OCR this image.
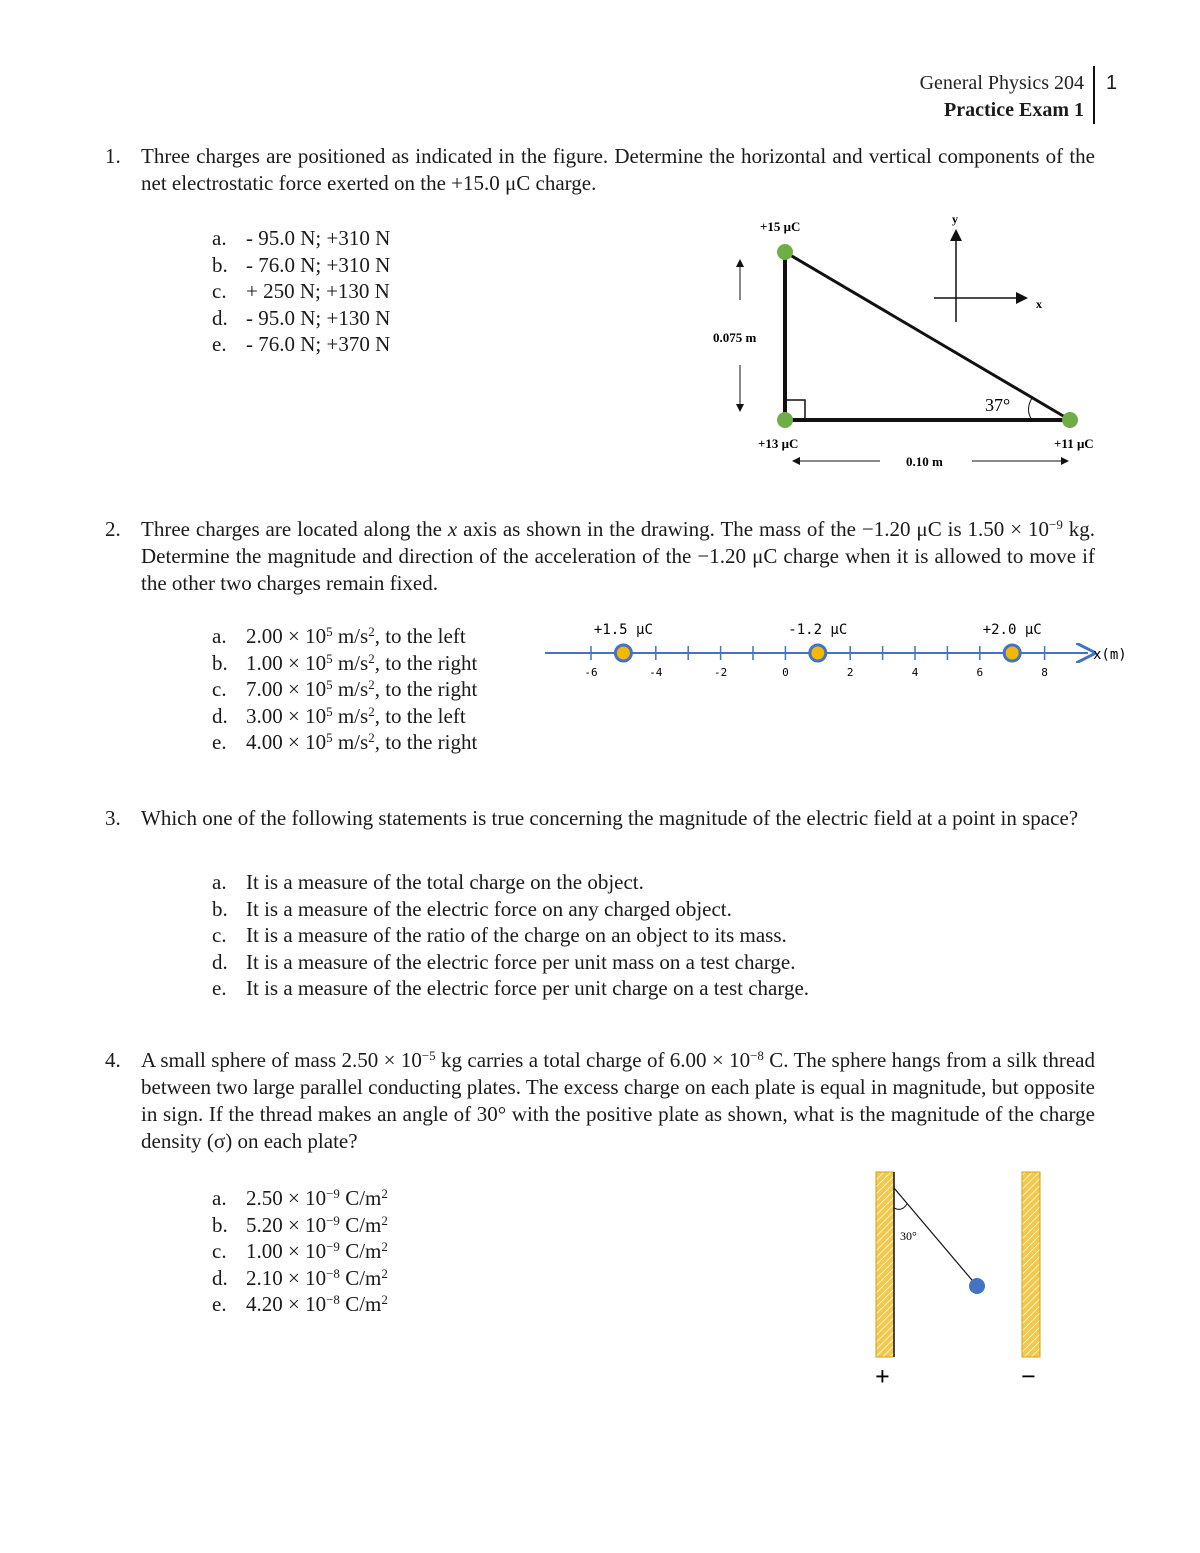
General Physics 204
Practice Exam 1
1
1. Three charges are positioned as indicated in the figure. Determine the horizontal and vertical components of the net electrostatic force exerted on the +15.0 μC charge.
a. - 95.0 N; +310 N
b. - 76.0 N; +310 N
c. + 250 N; +130 N
d. - 95.0 N; +130 N
e. - 76.0 N; +370 N
37°
+15 μC
+13 μC	+11 μC
0.075 m
0.10 m
y
x
2. Three charges are located along the x axis as shown in the drawing. The mass of the −1.20 μC is $1.50 \times 10^{-9}$ kg. Determine the magnitude and direction of the acceleration of the −1.20 μC charge when it is allowed to move if the other two charges remain fixed.
a. $2.00 \times 10^5$ $m/s^2$, to the left
b. $1.00 \times 10^5$ $m/s^2$, to the right
c. $7.00 \times 10^5$ $m/s^2$, to the right
d. $3.00 \times 10^5$ $m/s^2$, to the left
e. $4.00 \times 10^5$ $m/s^2$, to the right
-6	-4	-2	0	2	4	6	8
+1.5 μC	-1.2 μC	+2.0 μC
x(m)
3. Which one of the following statements is true concerning the magnitude of the electric field at a point in space?
a. It is a measure of the total charge on the object.
b. It is a measure of the electric force on any charged object.
c. It is a measure of the ratio of the charge on an object to its mass.
d. It is a measure of the electric force per unit mass on a test charge.
e. It is a measure of the electric force per unit charge on a test charge.
4. A small sphere of mass $2.50 \times 10^{-5}$ kg carries a total charge of $6.00 \times 10^{-8}$ C. The sphere hangs from a silk thread between two large parallel conducting plates. The excess charge on each plate is equal in magnitude, but opposite in sign. If the thread makes an angle of 30° with the positive plate as shown, what is the magnitude of the charge density (σ) on each plate?
a. $2.50 \times 10^{-9}$ $C/m^2$
b. $5.20 \times 10^{-9}$ $C/m^2$
c. $1.00 \times 10^{-9}$ $C/m^2$
d. $2.10 \times 10^{-8}$ $C/m^2$
e. $4.20 \times 10^{-8}$ $C/m^2$
30°
+	−
